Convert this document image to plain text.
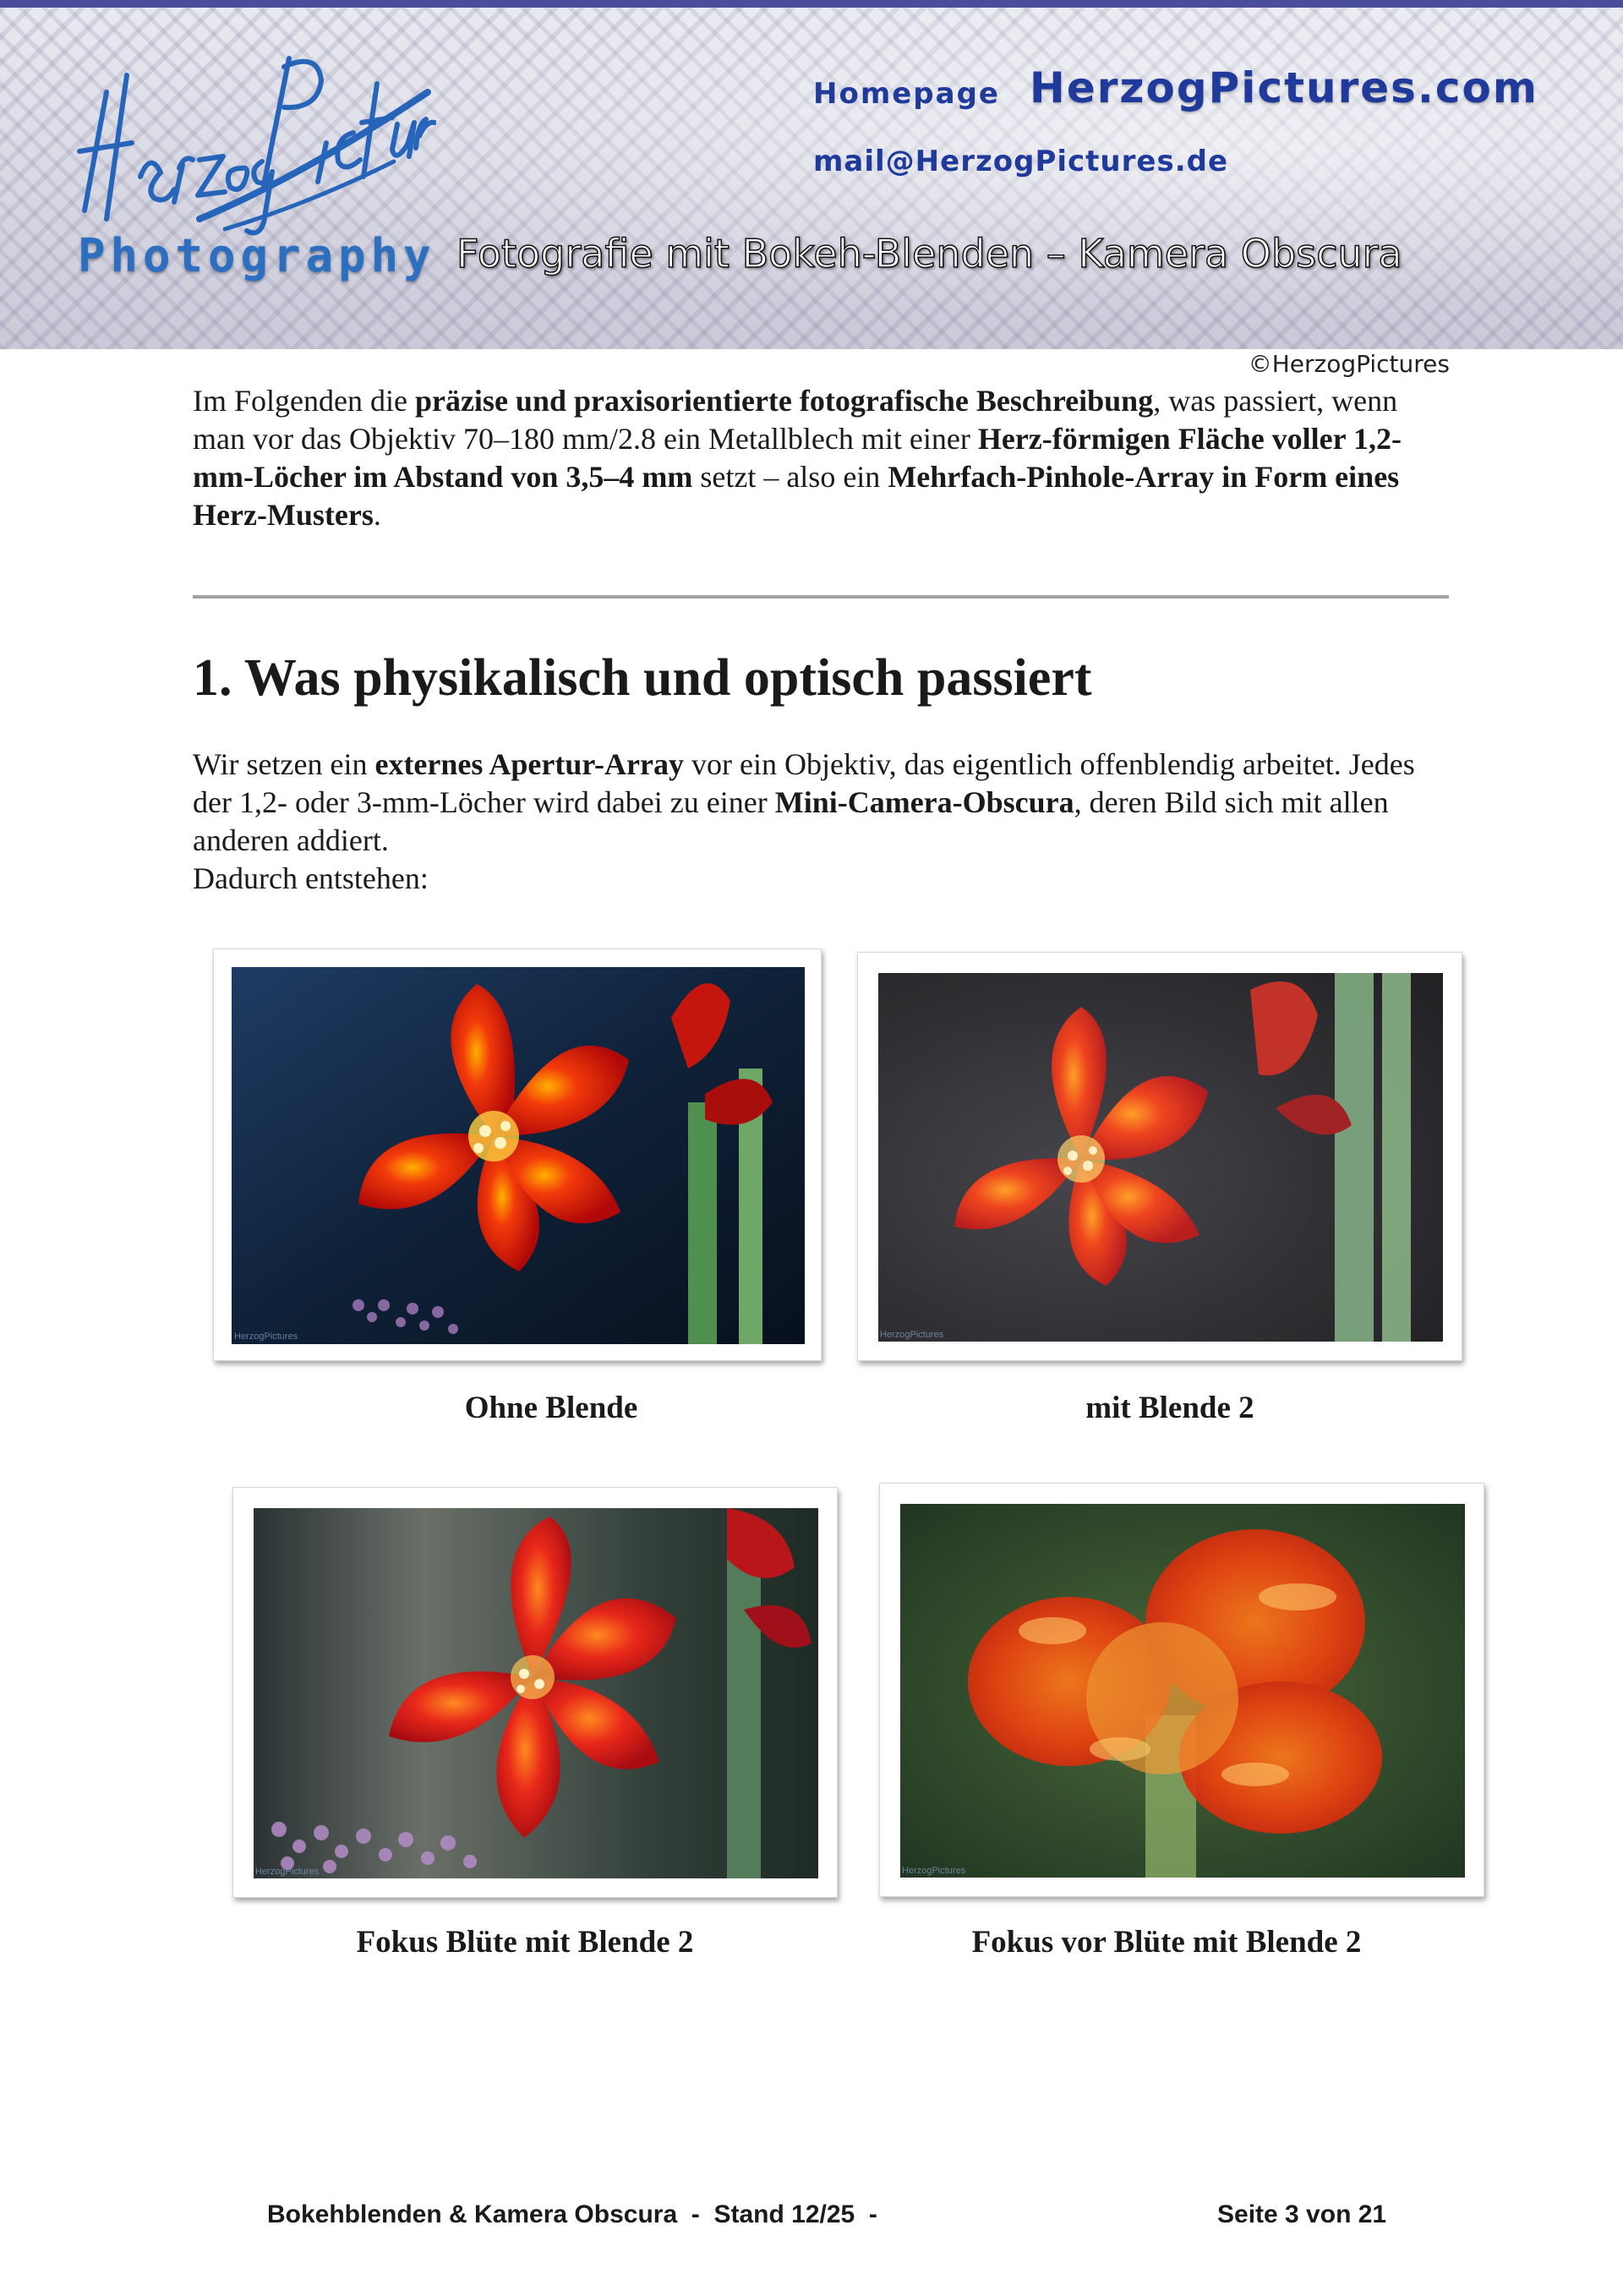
Photography
Homepage HerzogPictures.com
mail@HerzogPictures.de
Fotografie mit Bokeh-Blenden – Kamera Obscura
©HerzogPictures

Im Folgenden die präzise und praxisorientierte fotografische Beschreibung, was passiert, wenn man vor das Objektiv 70–180 mm/2.8 ein Metallblech mit einer Herz-förmigen Fläche voller 1,2-mm-Löcher im Abstand von 3,5–4 mm setzt – also ein Mehrfach-Pinhole-Array in Form eines Herz-Musters.

1. Was physikalisch und optisch passiert

Wir setzen ein externes Apertur-Array vor ein Objektiv, das eigentlich offenblendig arbeitet. Jedes der 1,2- oder 3-mm-Löcher wird dabei zu einer Mini-Camera-Obscura, deren Bild sich mit allen anderen addiert.
Dadurch entstehen:

HerzogPictures
Ohne Blende
HerzogPictures
mit Blende 2
HerzogPictures
Fokus Blüte mit Blende 2
HerzogPictures
Fokus vor Blüte mit Blende 2
Bokehblenden & Kamera Obscura  -  Stand 12/25  -	Seite 3 von 21
